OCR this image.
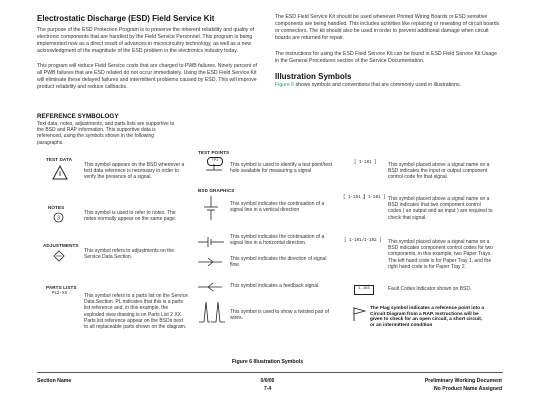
Electrostatic Discharge (ESD) Field Service Kit
The purpose of the ESD Protection Program is to preserve the inherent reliability and quality of electronic components that are handled by the Field Service Personnel. This program is being implemented now as a direct result of advances in microcircuitry technology, as well as a new acknowledgment of the magnitude of the ESD problem in the electronics industry today.
This program will reduce Field Service costs that are charged to PWB failures. Ninety percent of all PWB failures that are ESD related do not occur immediately. Using the ESD Field Service Kit will eliminate these delayed failures and intermittent problems caused by ESD. This will improve product reliability and reduce callbacks.
The ESD Field Service Kit should be used whenever Printed Wiring Boards or ESD sensitive components are being handled. This includes activities like replacing or reseating of circuit boards or connectors. The kit should also be used in order to prevent additional damage when circuit boards are returned for repair.
The instructions for using the ESD Field Service Kit can be found in ESD Field Service Kit Usage in the General Procedures section of the Service Documentation.
Illustration Symbols
Figure 6 shows symbols and conventions that are commonly used in illustrations.
REFERENCE SYMBOLOGY
Text data, notes, adjustments, and parts lists are supportive to the BSD and RAP information. This supportive data is referenced, using the symbols shown in the following paragraphs.
TEST DATA
This symbol appears on the BSD whenever a test data reference is necessary in order to verify the presence of a signal.
NOTES
3
This symbol is used to refer to notes. The notes normally appear on the same page.
ADJUSTMENTS
This symbol refers to adjustments on the Service Data Section.
PARTS LISTS
PL2-XX	This symbol refers to a parts list on the Service Data Section. PL indicates that this is a parts list reference and, in this example, the exploded view drawing is on Parts List 2 XX. Parts list reference appear on the BSDs next to all replaceable parts shown on the diagram.
TEST POINTS
TP1
This symbol is used to identify a test point/test hole available for measuring a signal
BSD GRAPHICS
This symbol indicates the continuation of a signal line in a vertical direction
This symbol indicates the continuation of a signal line in a horizontal direction.
This symbol indicates the direction of signal flow
This symbol indicates a feedback signal.
This symbol is used to show a twisted pair of wires.
[ 1-101 ] This symbol placed above a signal name on a BSD indicates the input or output component control code for that signal.
[ 1-101 ]
[ 1-201 ] This symbol placed above a signal name on a BSD indicates that two component control codes ( an output and an input ) are required to check that signal.
[ 1-101/1-102 ] This symbol placed above a signal name on a BSD indicates component control codes for two components, in this example, two Paper Trays. The left hand code is for Paper Tray 1, and the right hand code is for Paper Tray 2.
1-103	Fault Codes Indicator shown on BSD.
The Flag symbol indicates a reference point into a Circuit Diagram from a RAP. Instructions will be given to check for an open circuit, a short circuit, or an intermittent condition
Figure 6 Illustration Symbols
Section Name	0/0/00
7-4
Preliminary Working Document
No Product Name Assigned
